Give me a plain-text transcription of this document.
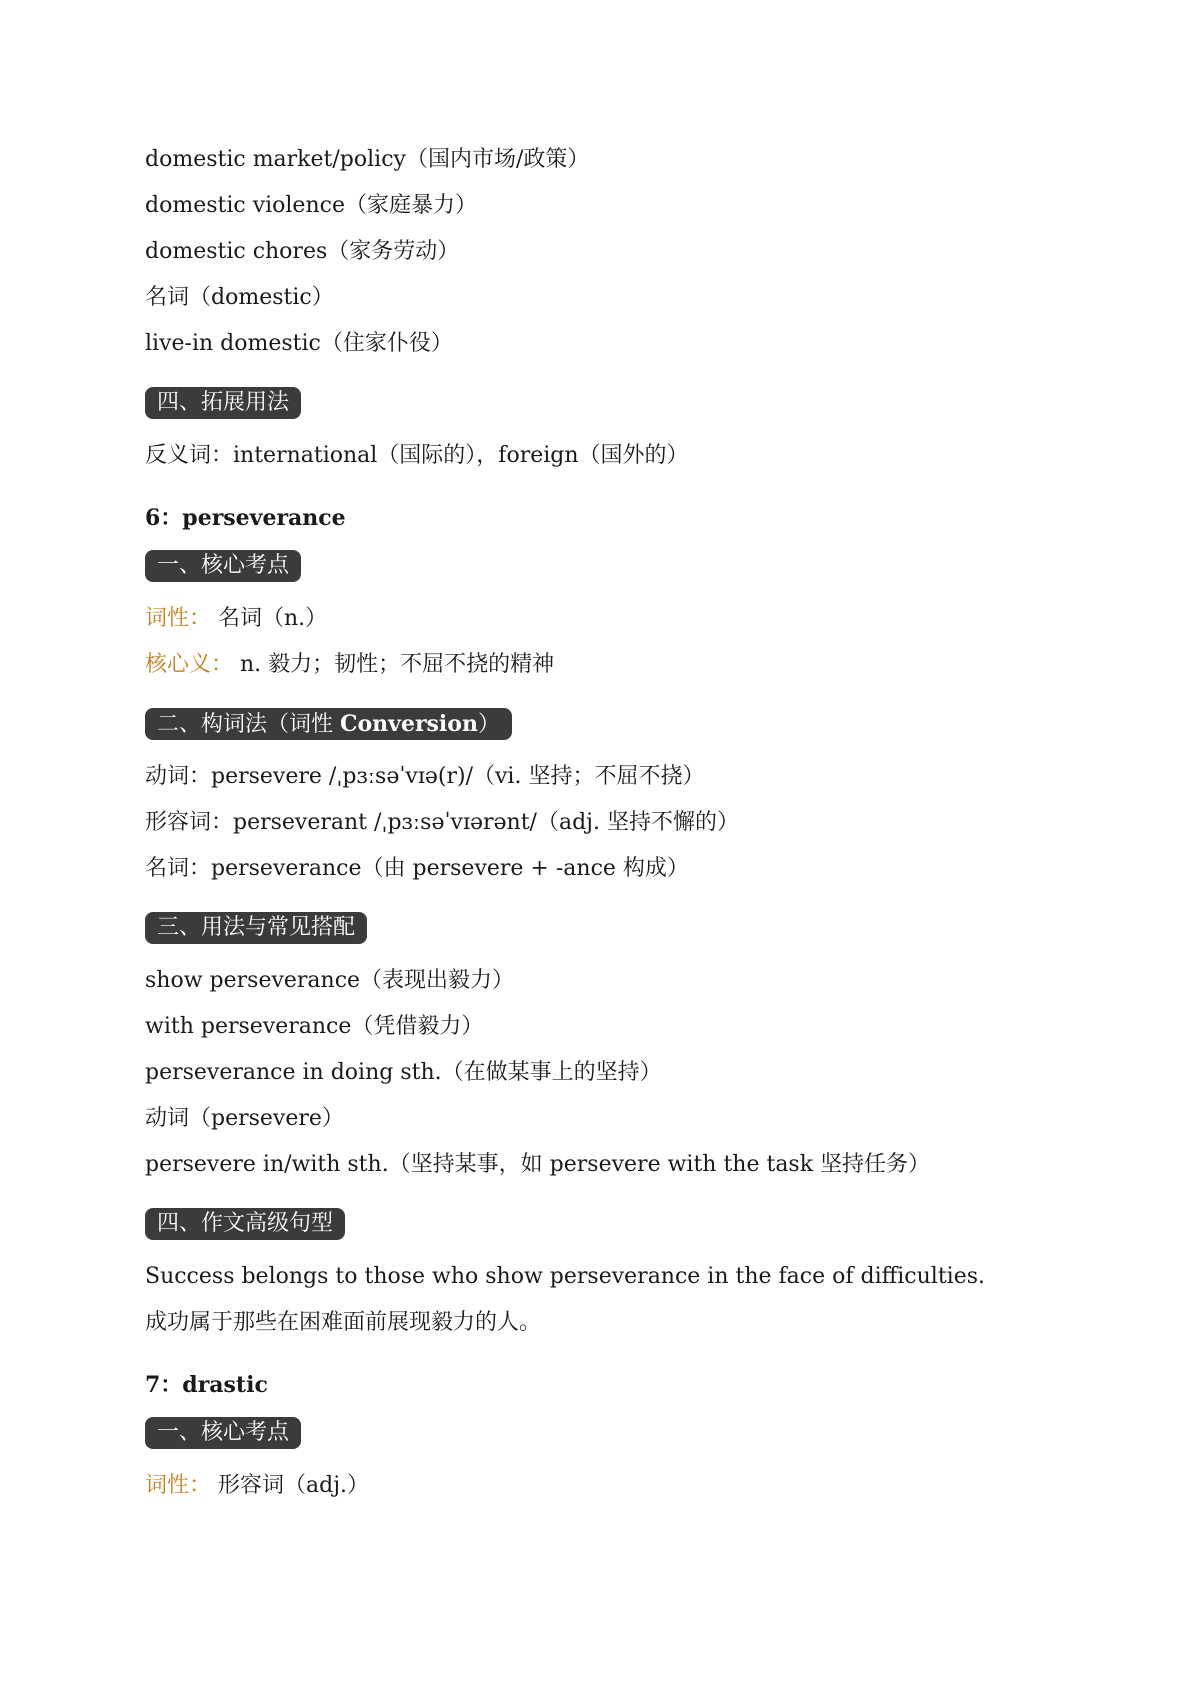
domestic market/policy（国内市场/政策）
domestic violence（家庭暴力）
domestic chores（家务劳动）
名词（domestic）
live-in domestic（住家仆役）
四、拓展用法
反义词：international（国际的），foreign（国外的）
6：perseverance
一、核心考点
词性： 名词（n.）
核心义： n. 毅力；韧性；不屈不挠的精神
二、构词法（词性 Conversion）
动词：persevere /ˌpɜːsəˈvɪə(r)/（vi. 坚持；不屈不挠）
形容词：perseverant /ˌpɜːsəˈvɪərənt/（adj. 坚持不懈的）
名词：perseverance（由 persevere + -ance 构成）
三、用法与常见搭配
show perseverance（表现出毅力）
with perseverance（凭借毅力）
perseverance in doing sth.（在做某事上的坚持）
动词（persevere）
persevere in/with sth.（坚持某事，如 persevere with the task 坚持任务）
四、作文高级句型
Success belongs to those who show perseverance in the face of difficulties.
成功属于那些在困难面前展现毅力的人。
7：drastic
一、核心考点
词性： 形容词（adj.）
